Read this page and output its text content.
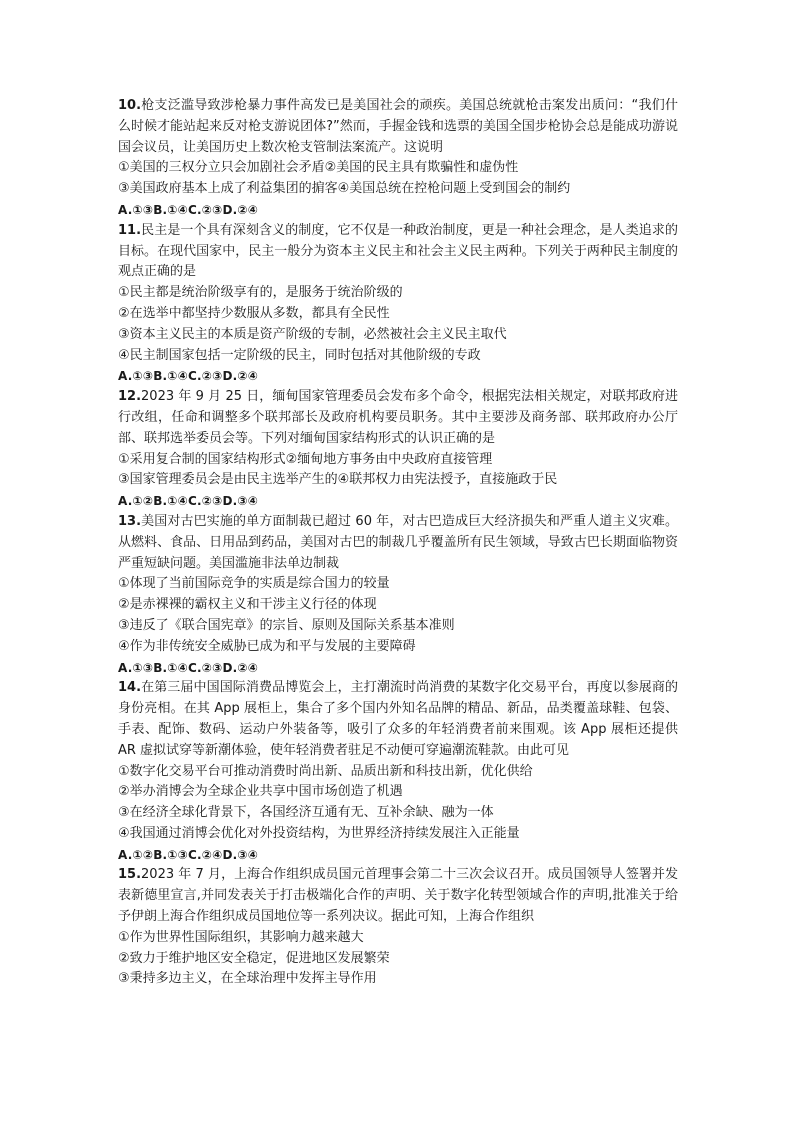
10.枪支泛滥导致涉枪暴力事件高发已是美国社会的顽疾。美国总统就枪击案发出质问：“我们什么时候才能站起来反对枪支游说团体?”然而，手握金钱和选票的美国全国步枪协会总是能成功游说国会议员，让美国历史上数次枪支管制法案流产。这说明

①美国的三权分立只会加剧社会矛盾②美国的民主具有欺骗性和虚伪性

③美国政府基本上成了利益集团的掮客④美国总统在控枪问题上受到国会的制约

A.①③B.①④C.②③D.②④

11.民主是一个具有深刻含义的制度，它不仅是一种政治制度，更是一种社会理念，是人类追求的目标。在现代国家中，民主一般分为资本主义民主和社会主义民主两种。下列关于两种民主制度的观点正确的是

①民主都是统治阶级享有的，是服务于统治阶级的

②在选举中都坚持少数服从多数，都具有全民性

③资本主义民主的本质是资产阶级的专制，必然被社会主义民主取代

④民主制国家包括一定阶级的民主，同时包括对其他阶级的专政

A.①③B.①④C.②③D.②④

12.2023 年 9 月 25 日，缅甸国家管理委员会发布多个命令，根据宪法相关规定，对联邦政府进行改组，任命和调整多个联邦部长及政府机构要员职务。其中主要涉及商务部、联邦政府办公厅部、联邦选举委员会等。下列对缅甸国家结构形式的认识正确的是

①采用复合制的国家结构形式②缅甸地方事务由中央政府直接管理

③国家管理委员会是由民主选举产生的④联邦权力由宪法授予，直接施政于民

A.①②B.①④C.②③D.③④

13.美国对古巴实施的单方面制裁已超过 60 年，对古巴造成巨大经济损失和严重人道主义灾难。从燃料、食品、日用品到药品，美国对古巴的制裁几乎覆盖所有民生领域，导致古巴长期面临物资严重短缺问题。美国滥施非法单边制裁

①体现了当前国际竞争的实质是综合国力的较量

②是赤裸裸的霸权主义和干涉主义行径的体现

③违反了《联合国宪章》的宗旨、原则及国际关系基本准则

④作为非传统安全威胁已成为和平与发展的主要障碍

A.①③B.①④C.②③D.②④

14.在第三届中国国际消费品博览会上，主打潮流时尚消费的某数字化交易平台，再度以参展商的身份亮相。在其 App 展柜上，集合了多个国内外知名品牌的精品、新品，品类覆盖球鞋、包袋、手表、配饰、数码、运动户外装备等，吸引了众多的年轻消费者前来围观。该 App 展柜还提供 AR 虚拟试穿等新潮体验，使年轻消费者驻足不动便可穿遍潮流鞋款。由此可见

①数字化交易平台可推动消费时尚出新、品质出新和科技出新，优化供给

②举办消博会为全球企业共享中国市场创造了机遇

③在经济全球化背景下，各国经济互通有无、互补余缺、融为一体

④我国通过消博会优化对外投资结构，为世界经济持续发展注入正能量

A.①②B.①③C.②④D.③④

15.2023 年 7 月，上海合作组织成员国元首理事会第二十三次会议召开。成员国领导人签署并发表新德里宣言,并同发表关于打击极端化合作的声明、关于数字化转型领域合作的声明,批准关于给予伊朗上海合作组织成员国地位等一系列决议。据此可知，上海合作组织

①作为世界性国际组织，其影响力越来越大

②致力于维护地区安全稳定，促进地区发展繁荣

③秉持多边主义，在全球治理中发挥主导作用
